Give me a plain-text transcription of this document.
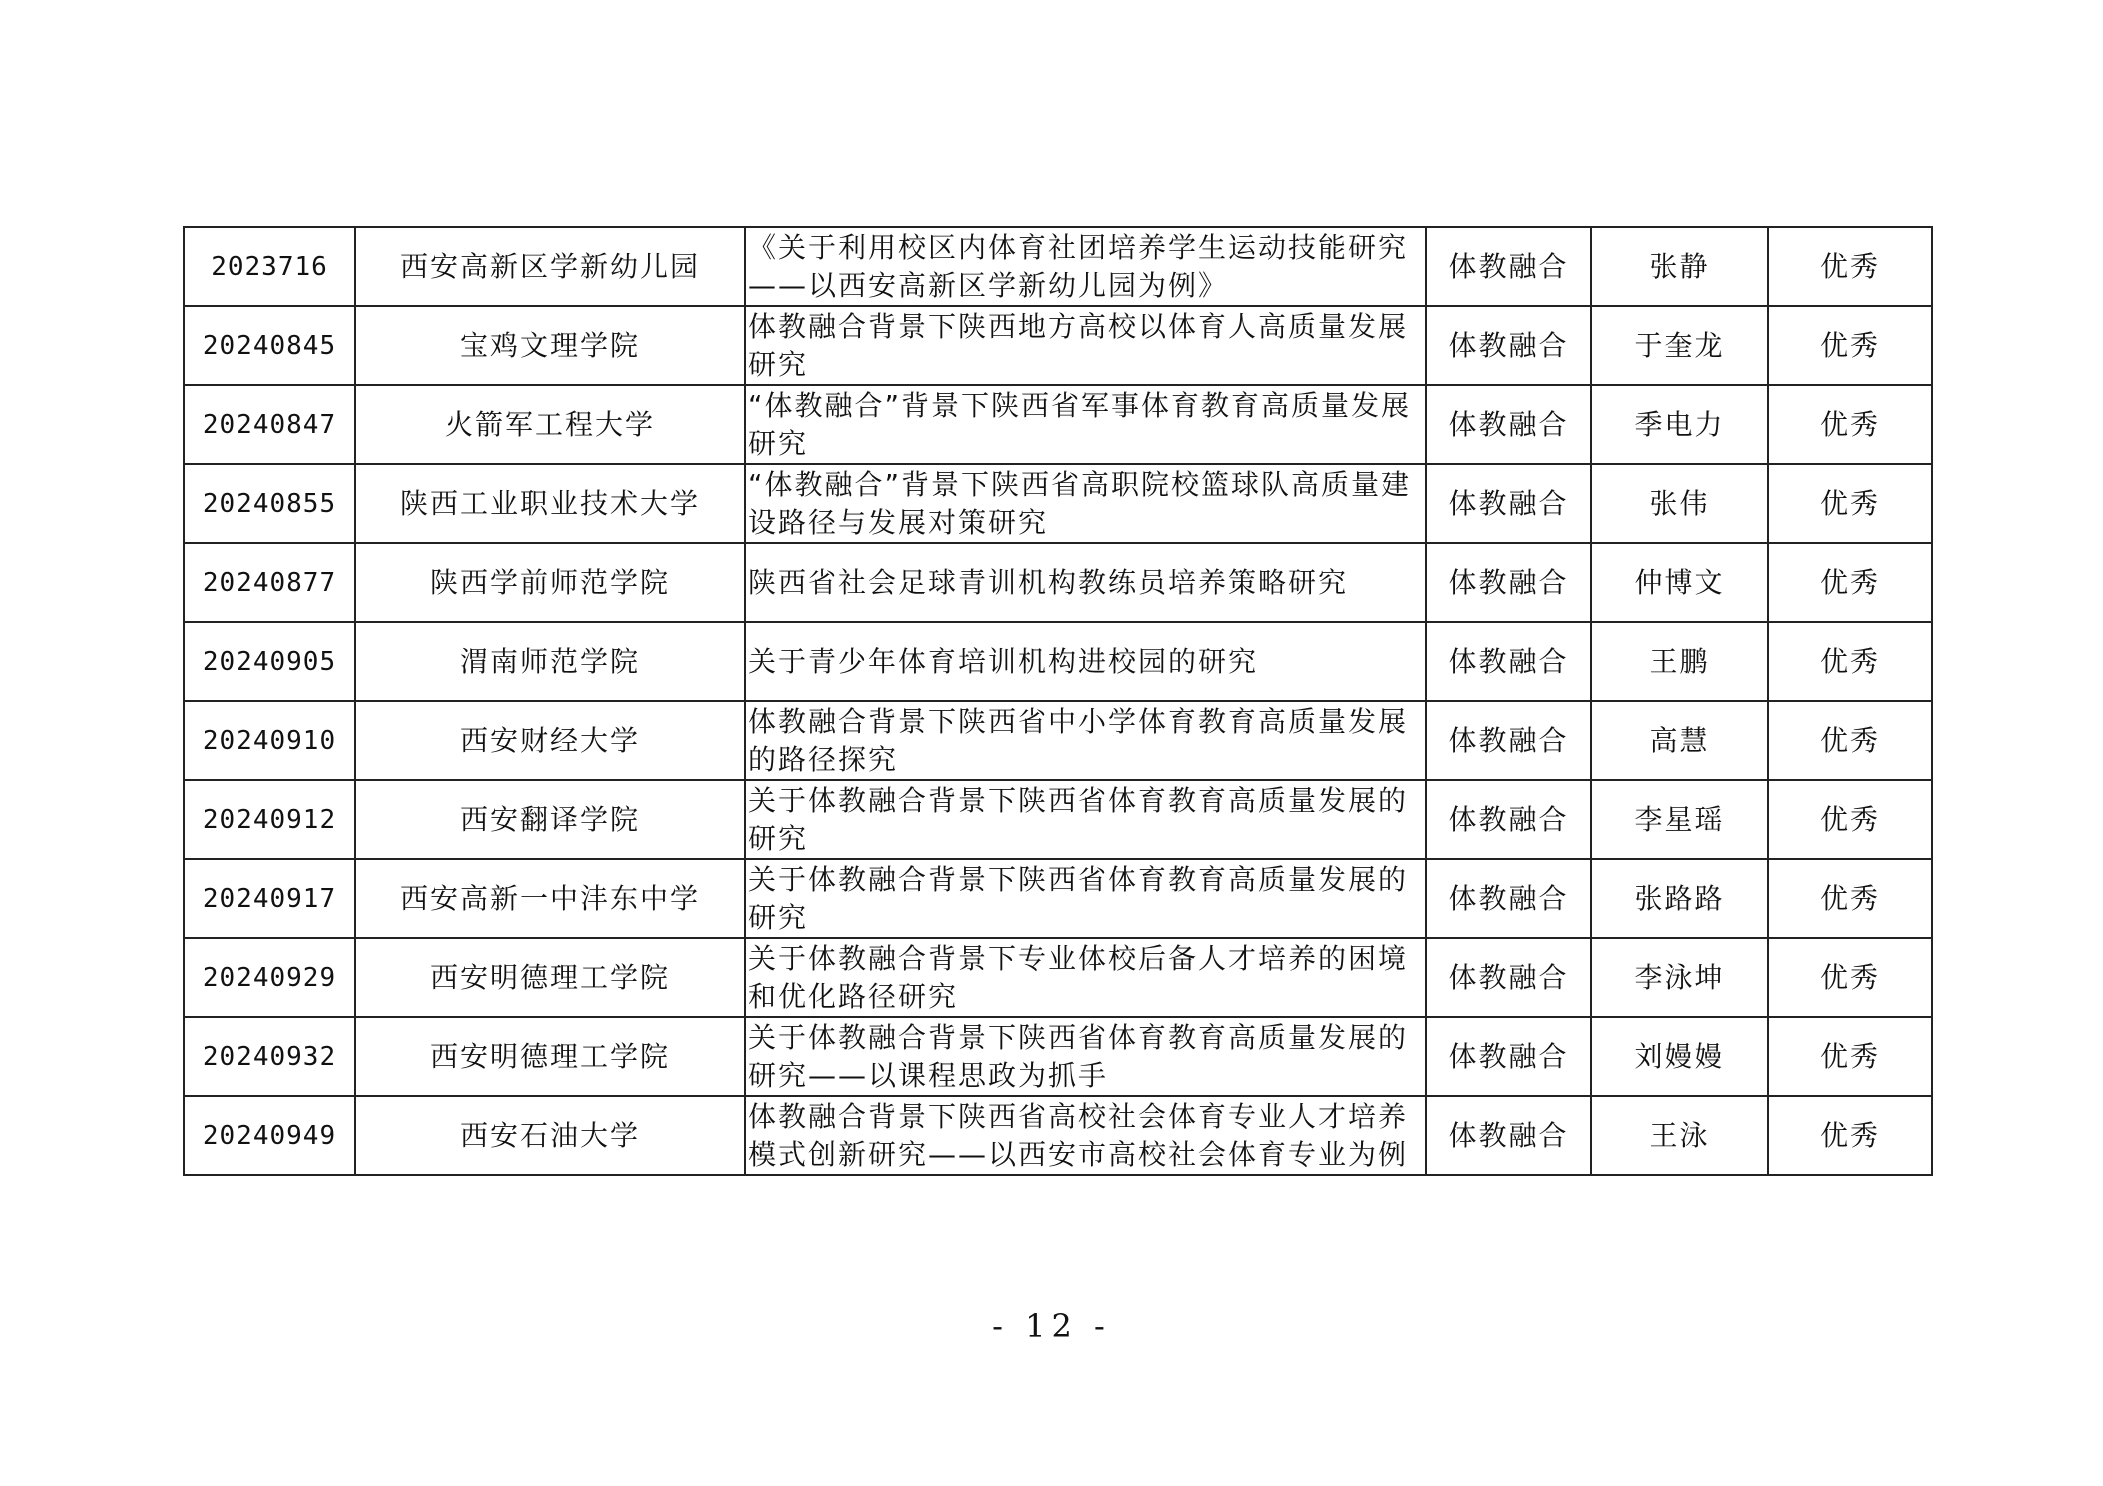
2023716	西安高新区学新幼儿园	《关于利用校区内体育社团培养学生运动技能研究——以西安高新区学新幼儿园为例》	体教融合	张静	优秀
20240845	宝鸡文理学院	体教融合背景下陕西地方高校以体育人高质量发展研究	体教融合	于奎龙	优秀
20240847	火箭军工程大学	“体教融合”背景下陕西省军事体育教育高质量发展研究	体教融合	季电力	优秀
20240855	陕西工业职业技术大学	“体教融合”背景下陕西省高职院校篮球队高质量建设路径与发展对策研究	体教融合	张伟	优秀
20240877	陕西学前师范学院	陕西省社会足球青训机构教练员培养策略研究	体教融合	仲博文	优秀
20240905	渭南师范学院	关于青少年体育培训机构进校园的研究	体教融合	王鹏	优秀
20240910	西安财经大学	体教融合背景下陕西省中小学体育教育高质量发展的路径探究	体教融合	高慧	优秀
20240912	西安翻译学院	关于体教融合背景下陕西省体育教育高质量发展的研究	体教融合	李星瑶	优秀
20240917	西安高新一中沣东中学	关于体教融合背景下陕西省体育教育高质量发展的研究	体教融合	张路路	优秀
20240929	西安明德理工学院	关于体教融合背景下专业体校后备人才培养的困境和优化路径研究	体教融合	李泳坤	优秀
20240932	西安明德理工学院	关于体教融合背景下陕西省体育教育高质量发展的研究——以课程思政为抓手	体教融合	刘嫚嫚	优秀
20240949	西安石油大学	体教融合背景下陕西省高校社会体育专业人才培养模式创新研究——以西安市高校社会体育专业为例	体教融合	王泳	优秀
- 12 -
